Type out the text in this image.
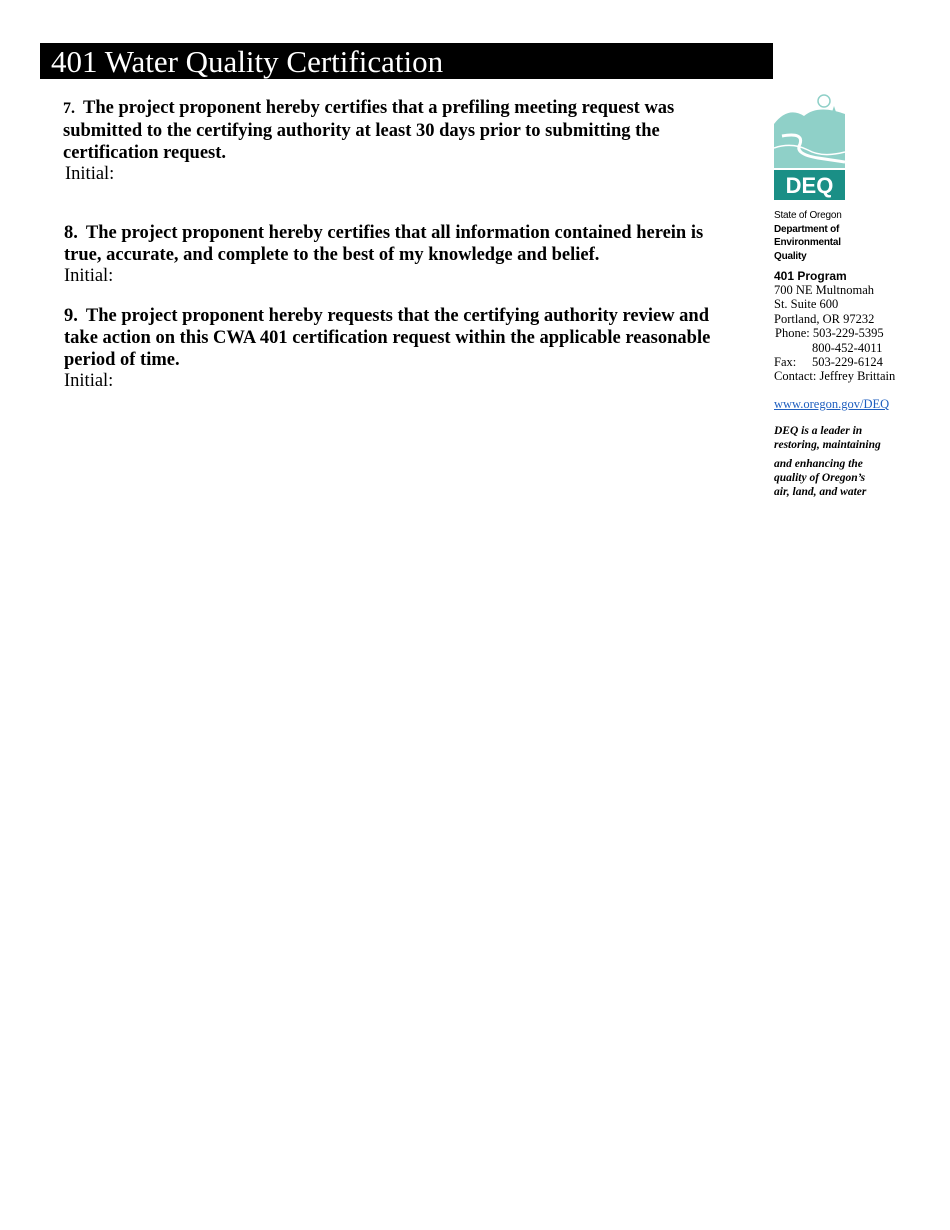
401 Water Quality Certification

7. The project proponent hereby certifies that a prefiling meeting request was submitted to the certifying authority at least 30 days prior to submitting the certification request.

Initial:

8. The project proponent hereby certifies that all information contained herein is true, accurate, and complete to the best of my knowledge and belief.

Initial:

9. The project proponent hereby requests that the certifying authority review and take action on this CWA 401 certification request within the applicable reasonable period of time.

Initial:
DEQ
State of Oregon
Department of
Environmental
Quality
401 Program
700 NE Multnomah
St. Suite 600
Portland, OR 97232
Phone: 503-229-5395
800-452-4011
Fax: 503-229-6124
Contact: Jeffrey Brittain
www.oregon.gov/DEQ
DEQ is a leader in
restoring, maintaining
and enhancing the
quality of Oregon’s
air, land, and water
